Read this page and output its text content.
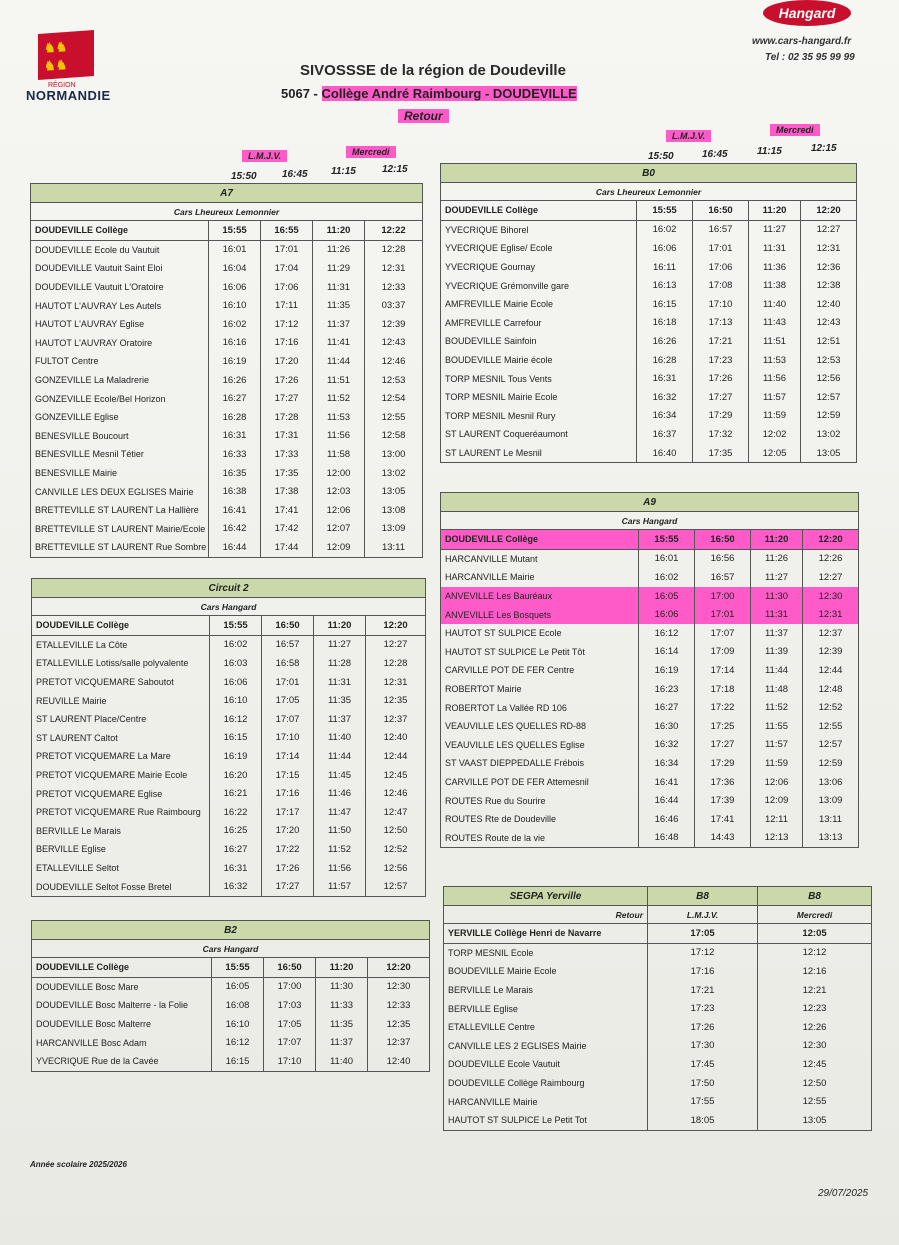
♞♞
♞♞
RÉGION
NORMANDIE
Hangard
www.cars-hangard.fr
Tel : 02 35 95 99 99
SIVOSSSE de la région de Doudeville
5067 - Collège André Raimbourg - DOUDEVILLE
Retour
L.M.J.V.	Mercredi
15:50	16:45 11:15	12:15
L.M.J.V.
Mercredi
15:50	16:45	11:15	12:15
A7				
Cars Lheureux Lemonnier				
DOUDEVILLE Collège	15:55	16:55	11:20	12:22
DOUDEVILLE Ecole du Vautuit	16:01	17:01	11:26	12:28
DOUDEVILLE Vautuit Saint Eloi	16:04	17:04	11:29	12:31
DOUDEVILLE Vautuit L'Oratoire	16:06	17:06	11:31	12:33
HAUTOT L'AUVRAY Les Autels	16:10	17:11	11:35	03:37
HAUTOT L'AUVRAY Eglise	16:02	17:12	11:37	12:39
HAUTOT L'AUVRAY Oratoire	16:16	17:16	11:41	12:43
FULTOT Centre	16:19	17:20	11:44	12:46
GONZEVILLE La Maladrerie	16:26	17:26	11:51	12:53
GONZEVILLE Ecole/Bel Horizon	16:27	17:27	11:52	12:54
GONZEVILLE Eglise	16:28	17:28	11:53	12:55
BENESVILLE Boucourt	16:31	17:31	11:56	12:58
BENESVILLE Mesnil Tétier	16:33	17:33	11:58	13:00
BENESVILLE Mairie	16:35	17:35	12:00	13:02
CANVILLE LES DEUX EGLISES Mairie	16:38	17:38	12:03	13:05
BRETTEVILLE ST LAURENT La Hallière	16:41	17:41	12:06	13:08
BRETTEVILLE ST LAURENT Mairie/Ecole	16:42	17:42	12:07	13:09
BRETTEVILLE ST LAURENT Rue Sombre	16:44	17:44	12:09	13:11
Circuit 2				
Cars Hangard				
DOUDEVILLE Collège	15:55	16:50	11:20	12:20
ETALLEVILLE La Côte	16:02	16:57	11:27	12:27
ETALLEVILLE Lotiss/salle polyvalente	16:03	16:58	11:28	12:28
PRETOT VICQUEMARE Saboutot	16:06	17:01	11:31	12:31
REUVILLE Mairie	16:10	17:05	11:35	12:35
ST LAURENT Place/Centre	16:12	17:07	11:37	12:37
ST LAURENT Caltot	16:15	17:10	11:40	12:40
PRETOT VICQUEMARE La Mare	16:19	17:14	11:44	12:44
PRETOT VICQUEMARE Mairie Ecole	16:20	17:15	11:45	12:45
PRETOT VICQUEMARE Eglise	16:21	17:16	11:46	12:46
PRETOT VICQUEMARE Rue Raimbourg	16:22	17:17	11:47	12:47
BERVILLE Le Marais	16:25	17:20	11:50	12:50
BERVILLE Eglise	16:27	17:22	11:52	12:52
ETALLEVILLE Seltot	16:31	17:26	11:56	12:56
DOUDEVILLE Seltot Fosse Bretel	16:32	17:27	11:57	12:57
B2				
Cars Hangard				
DOUDEVILLE Collège	15:55	16:50	11:20	12:20
DOUDEVILLE Bosc Mare	16:05	17:00	11:30	12:30
DOUDEVILLE Bosc Malterre - la Folie	16:08	17:03	11:33	12:33
DOUDEVILLE Bosc Malterre	16:10	17:05	11:35	12:35
HARCANVILLE Bosc Adam	16:12	17:07	11:37	12:37
YVECRIQUE Rue de la Cavée	16:15	17:10	11:40	12:40
B0				
Cars Lheureux Lemonnier				
DOUDEVILLE Collège	15:55	16:50	11:20	12:20
YVECRIQUE Bihorel	16:02	16:57	11:27	12:27
YVECRIQUE Eglise/ Ecole	16:06	17:01	11:31	12:31
YVECRIQUE Gournay	16:11	17:06	11:36	12:36
YVECRIQUE Grémonville gare	16:13	17:08	11:38	12:38
AMFREVILLE Mairie Ecole	16:15	17:10	11:40	12:40
AMFREVILLE Carrefour	16:18	17:13	11:43	12:43
BOUDEVILLE Sainfoin	16:26	17:21	11:51	12:51
BOUDEVILLE Mairie école	16:28	17:23	11:53	12:53
TORP MESNIL Tous Vents	16:31	17:26	11:56	12:56
TORP MESNIL Mairie Ecole	16:32	17:27	11:57	12:57
TORP MESNIL Mesnil Rury	16:34	17:29	11:59	12:59
ST LAURENT Coqueréaumont	16:37	17:32	12:02	13:02
ST LAURENT Le Mesnil	16:40	17:35	12:05	13:05
A9				
Cars Hangard				
DOUDEVILLE Collège	15:55	16:50	11:20	12:20
HARCANVILLE Mutant	16:01	16:56	11:26	12:26
HARCANVILLE Mairie	16:02	16:57	11:27	12:27
ANVEVILLE Les Bauréaux	16:05	17:00	11:30	12:30
ANVEVILLE Les Bosquets	16:06	17:01	11:31	12:31
HAUTOT ST SULPICE Ecole	16:12	17:07	11:37	12:37
HAUTOT ST SULPICE Le Petit Tôt	16:14	17:09	11:39	12:39
CARVILLE POT DE FER Centre	16:19	17:14	11:44	12:44
ROBERTOT Mairie	16:23	17:18	11:48	12:48
ROBERTOT La Vallée RD 106	16:27	17:22	11:52	12:52
VEAUVILLE LES QUELLES RD-88	16:30	17:25	11:55	12:55
VEAUVILLE LES QUELLES Eglise	16:32	17:27	11:57	12:57
ST VAAST DIEPPEDALLE Frébois	16:34	17:29	11:59	12:59
CARVILLE POT DE FER Attemesnil	16:41	17:36	12:06	13:06
ROUTES Rue du Sourire	16:44	17:39	12:09	13:09
ROUTES Rte de Doudeville	16:46	17:41	12:11	13:11
ROUTES Route de la vie	16:48	14:43	12:13	13:13
SEGPA Yerville	B8	B8
Retour	L.M.J.V.	Mercredi
YERVILLE Collège Henri de Navarre	17:05	12:05
TORP MESNIL Ecole	17:12	12:12
BOUDEVILLE Mairie Ecole	17:16	12:16
BERVILLE Le Marais	17:21	12:21
BERVILLE Eglise	17:23	12:23
ETALLEVILLE Centre	17:26	12:26
CANVILLE LES 2 EGLISES Mairie	17:30	12:30
DOUDEVILLE Ecole Vautuit	17:45	12:45
DOUDEVILLE Collège Raimbourg	17:50	12:50
HARCANVILLE Mairie	17:55	12:55
HAUTOT ST SULPICE Le Petit Tot	18:05	13:05
Année scolaire 2025/2026
29/07/2025
